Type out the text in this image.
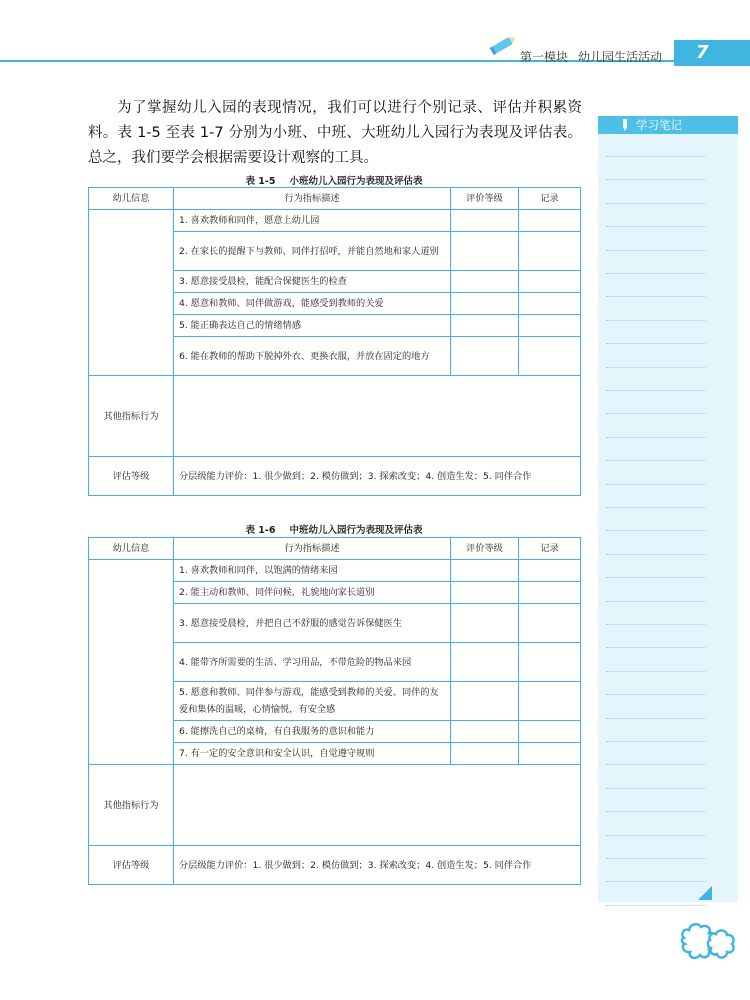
第一模块 幼儿园生活活动	7

为了掌握幼儿入园的表现情况，我们可以进行个别记录、评估并积累资料。表 1-5 至表 1-7 分别为小班、中班、大班幼儿入园行为表现及评估表。总之，我们要学会根据需要设计观察的工具。

学习笔记
表 1-5 小班幼儿入园行为表现及评估表
幼儿信息	行为指标描述	评价等级	记录
	1. 喜欢教师和同伴，愿意上幼儿园		
	2. 在家长的提醒下与教师、同伴打招呼，并能自然地和家人道别		
	3. 愿意接受晨检，能配合保健医生的检查		
	4. 愿意和教师、同伴做游戏，能感受到教师的关爱		
	5. 能正确表达自己的情绪情感		
	6. 能在教师的帮助下脱掉外衣、更换衣服，并放在固定的地方		
其他指标行为			
评估等级	分层级能力评价：1. 很少做到；2. 模仿做到；3. 探索改变；4. 创造生发；5. 同伴合作		
表 1-6 中班幼儿入园行为表现及评估表
幼儿信息	行为指标描述	评价等级	记录
	1. 喜欢教师和同伴，以饱满的情绪来园		
	2. 能主动和教师、同伴问候，礼貌地向家长道别		
	3. 愿意接受晨检，并把自己不舒服的感觉告诉保健医生		
	4. 能带齐所需要的生活、学习用品，不带危险的物品来园		
	5. 愿意和教师、同伴参与游戏，能感受到教师的关爱、同伴的友爱和集体的温暖，心情愉悦，有安全感		
	6. 能擦洗自己的桌椅，有自我服务的意识和能力		
	7. 有一定的安全意识和安全认识，自觉遵守规则		
其他指标行为			
评估等级	分层级能力评价：1. 很少做到；2. 模仿做到；3. 探索改变；4. 创造生发；5. 同伴合作		
